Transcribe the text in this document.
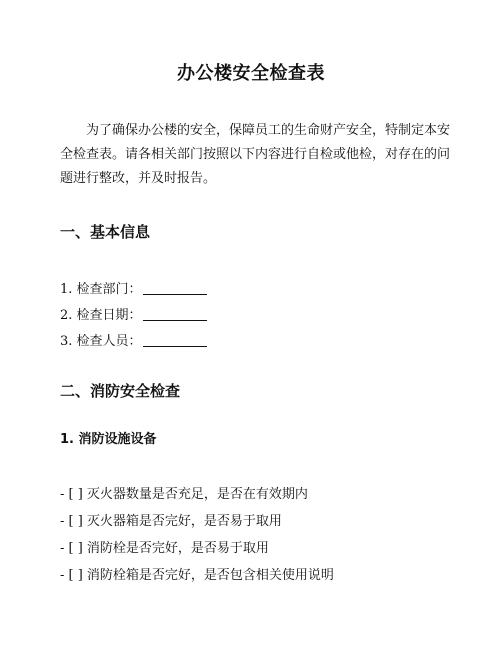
办公楼安全检查表

为了确保办公楼的安全，保障员工的生命财产安全，特制定本安全检查表。请各相关部门按照以下内容进行自检或他检，对存在的问题进行整改，并及时报告。

一、基本信息
1. 检查部门：
2. 检查日期：
3. 检查人员：
二、消防安全检查
1. 消防设施设备
- [ ] 灭火器数量是否充足，是否在有效期内
- [ ] 灭火器箱是否完好，是否易于取用
- [ ] 消防栓是否完好，是否易于取用
- [ ] 消防栓箱是否完好，是否包含相关使用说明
